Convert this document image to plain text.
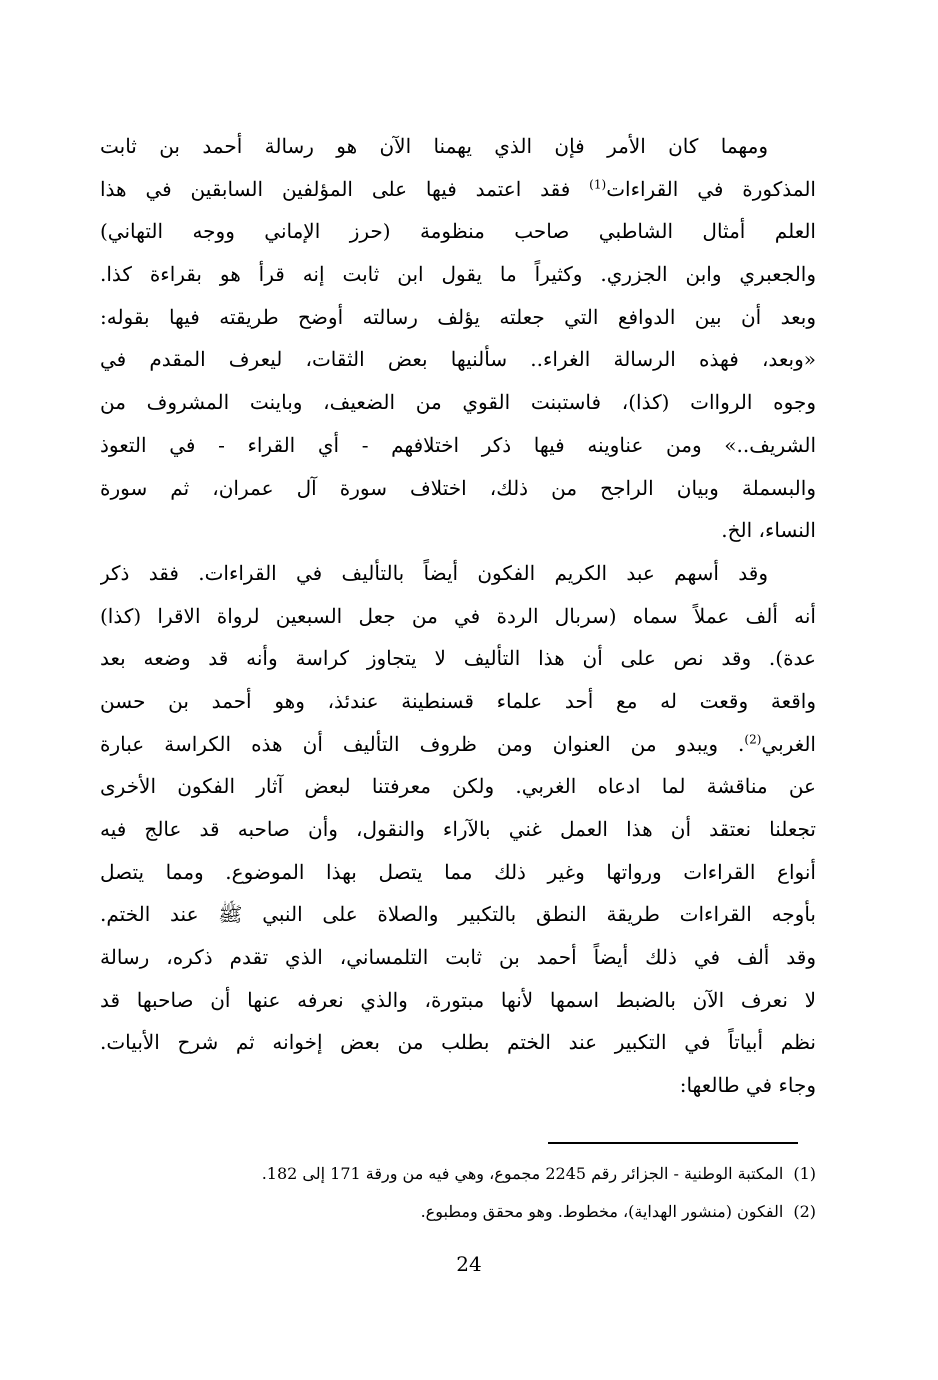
ومهما كان الأمر فإن الذي يهمنا الآن هو رسالة أحمد بن ثابت
المذكورة في القراءات$^{(1)}$ فقد اعتمد فيها على المؤلفين السابقين في هذا
العلم أمثال الشاطبي صاحب منظومة (حرز الإماني ووجه التهاني)
والجعبري وابن الجزري. وكثيراً ما يقول ابن ثابت إنه قرأ هو بقراءة كذا.
وبعد أن بين الدوافع التي جعلته يؤلف رسالته أوضح طريقته فيها بقوله:
«وبعد، فهذه الرسالة الغراء.. سألنيها بعض الثقات، ليعرف المقدم في
وجوه الرواات (كذا)، فاستبنت القوي من الضعيف، وباينت المشروف من
الشريف..» ومن عناوينه فيها ذكر اختلافهم - أي القراء - في التعوذ
والبسملة وبيان الراجح من ذلك، اختلاف سورة آل عمران، ثم سورة
النساء، الخ.
وقد أسهم عبد الكريم الفكون أيضاً بالتأليف في القراءات. فقد ذكر
أنه ألف عملاً سماه (سربال الردة في من جعل السبعين لرواة الاقرا (كذا)
عدة). وقد نص على أن هذا التأليف لا يتجاوز كراسة وأنه قد وضعه بعد
واقعة وقعت له مع أحد علماء قسنطينة عندئذ، وهو أحمد بن حسن
الغربي$^{(2)}$. ويبدو من العنوان ومن ظروف التأليف أن هذه الكراسة عبارة
عن مناقشة لما ادعاه الغربي. ولكن معرفتنا لبعض آثار الفكون الأخرى
تجعلنا نعتقد أن هذا العمل غني بالآراء والنقول، وأن صاحبه قد عالج فيه
أنواع القراءات ورواتها وغير ذلك مما يتصل بهذا الموضوع. ومما يتصل
بأوجه القراءات طريقة النطق بالتكبير والصلاة على النبي ﷺ عند الختم.
وقد ألف في ذلك أيضاً أحمد بن ثابت التلمساني، الذي تقدم ذكره، رسالة
لا نعرف الآن بالضبط اسمها لأنها مبتورة، والذي نعرفه عنها أن صاحبها قد
نظم أبياتاً في التكبير عند الختم بطلب من بعض إخوانه ثم شرح الأبيات.
وجاء في طالعها:
(1)المكتبة الوطنية - الجزائر رقم 2245 مجموع، وهي فيه من ورقة 171 إلى 182.
(2)الفكون (منشور الهداية)، مخطوط. وهو محقق ومطبوع.
24
